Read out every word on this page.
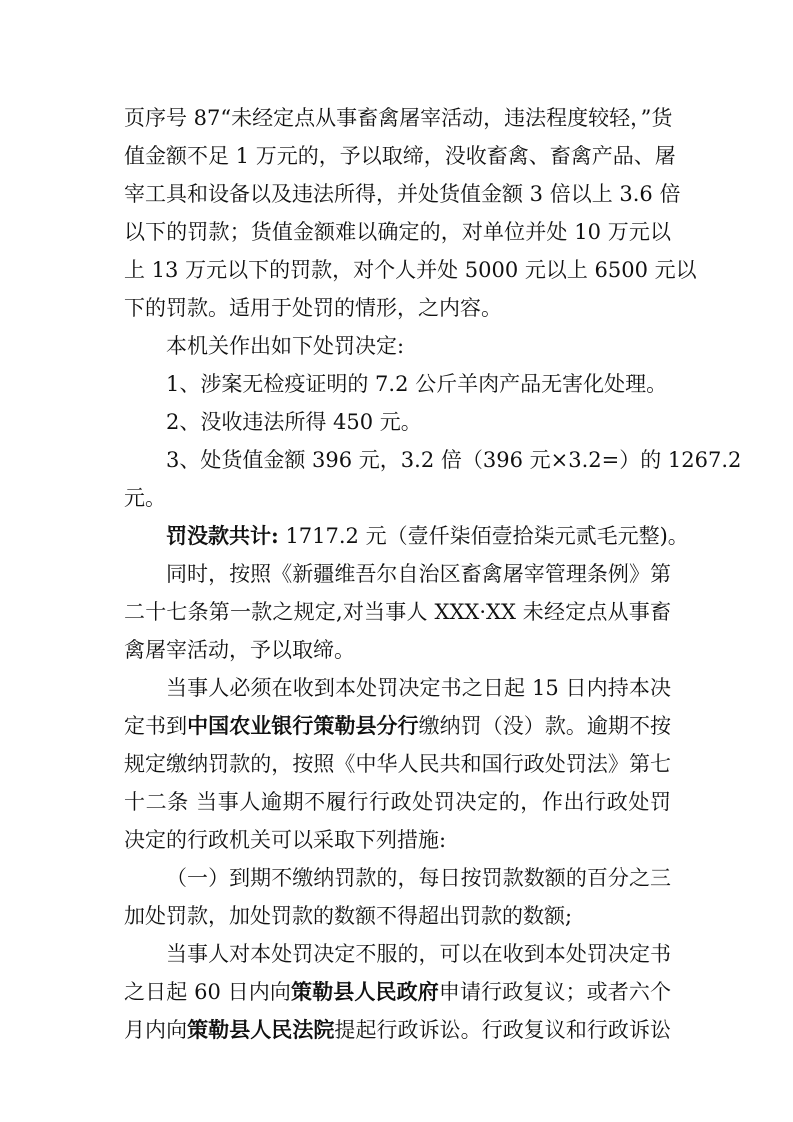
页序号 87“未经定点从事畜禽屠宰活动，违法程度较轻，”货
值金额不足 1 万元的，予以取缔，没收畜禽、畜禽产品、屠
宰工具和设备以及违法所得，并处货值金额 3 倍以上 3.6 倍
以下的罚款；货值金额难以确定的，对单位并处 10 万元以
上 13 万元以下的罚款，对个人并处 5000 元以上 6500 元以
下的罚款。适用于处罚的情形，之内容。
本机关作出如下处罚决定:
1、涉案无检疫证明的 7.2 公斤羊肉产品无害化处理。
2、没收违法所得 450 元。
3、处货值金额 396 元，3.2 倍（396 元×3.2=）的 1267.2
元。
罚没款共计: 1717.2 元（壹仟柒佰壹拾柒元贰毛元整)。
同时，按照《新疆维吾尔自治区畜禽屠宰管理条例》第
二十七条第一款之规定,对当事人 XXX·XX 未经定点从事畜
禽屠宰活动，予以取缔。
当事人必须在收到本处罚决定书之日起 15 日内持本决
定书到中国农业银行策勒县分行缴纳罚（没）款。逾期不按
规定缴纳罚款的，按照《中华人民共和国行政处罚法》第七
十二条 当事人逾期不履行行政处罚决定的，作出行政处罚
决定的行政机关可以采取下列措施:
（一）到期不缴纳罚款的，每日按罚款数额的百分之三
加处罚款，加处罚款的数额不得超出罚款的数额;
当事人对本处罚决定不服的，可以在收到本处罚决定书
之日起 60 日内向策勒县人民政府申请行政复议；或者六个
月内向策勒县人民法院提起行政诉讼。行政复议和行政诉讼
